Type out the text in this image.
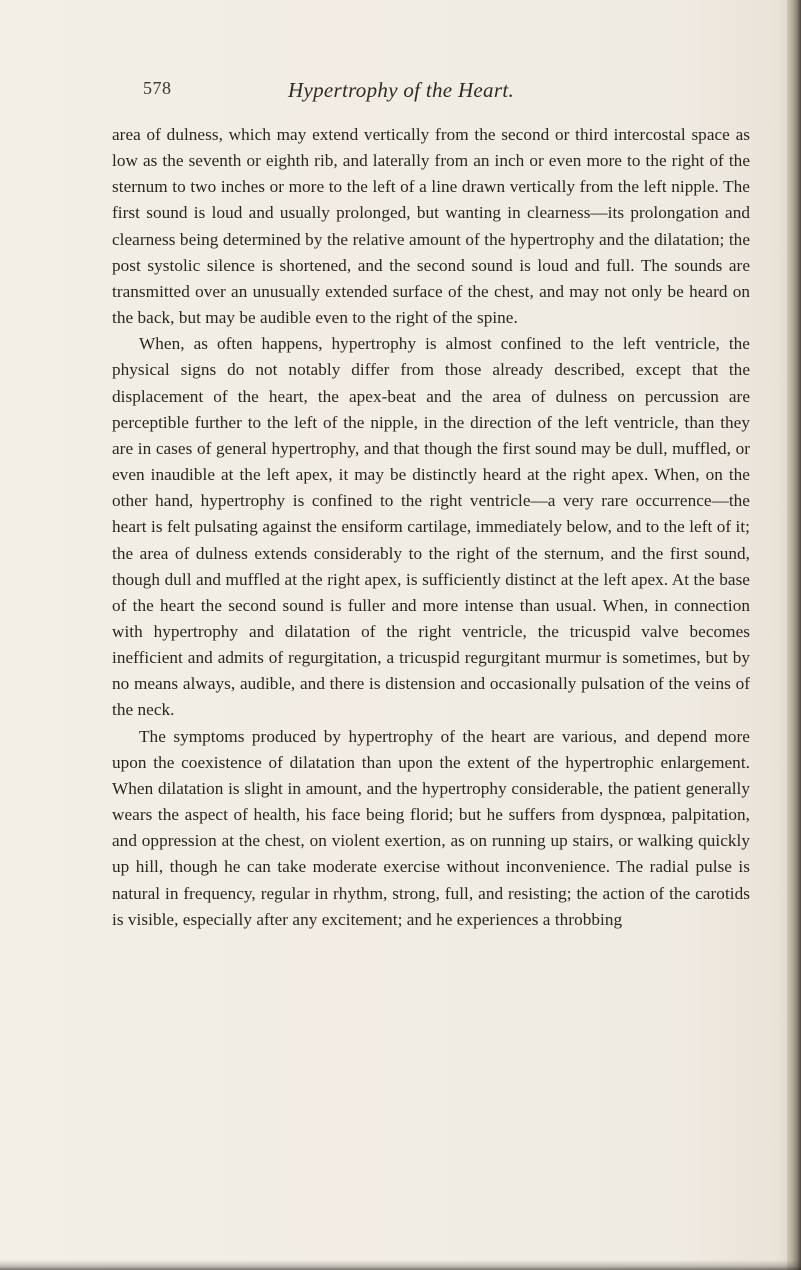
578	Hypertrophy of the Heart.

area of dulness, which may extend vertically from the second or third intercostal space as low as the seventh or eighth rib, and laterally from an inch or even more to the right of the sternum to two inches or more to the left of a line drawn vertically from the left nipple. The first sound is loud and usually prolonged, but wanting in clearness—its prolongation and clearness being determined by the relative amount of the hypertrophy and the dilatation; the post systolic silence is shortened, and the second sound is loud and full. The sounds are transmitted over an unusually extended surface of the chest, and may not only be heard on the back, but may be audible even to the right of the spine.

When, as often happens, hypertrophy is almost confined to the left ventricle, the physical signs do not notably differ from those already described, except that the displacement of the heart, the apex-beat and the area of dulness on percussion are perceptible further to the left of the nipple, in the direction of the left ventricle, than they are in cases of general hypertrophy, and that though the first sound may be dull, muffled, or even inaudible at the left apex, it may be distinctly heard at the right apex. When, on the other hand, hypertrophy is confined to the right ventricle—a very rare occurrence—the heart is felt pulsating against the ensiform cartilage, immediately below, and to the left of it; the area of dulness extends considerably to the right of the sternum, and the first sound, though dull and muffled at the right apex, is sufficiently distinct at the left apex. At the base of the heart the second sound is fuller and more intense than usual. When, in connection with hypertrophy and dilatation of the right ventricle, the tricuspid valve becomes inefficient and admits of regurgitation, a tricuspid regurgitant murmur is sometimes, but by no means always, audible, and there is distension and occasionally pulsation of the veins of the neck.

The symptoms produced by hypertrophy of the heart are various, and depend more upon the coexistence of dilatation than upon the extent of the hypertrophic enlargement. When dilatation is slight in amount, and the hypertrophy considerable, the patient generally wears the aspect of health, his face being florid; but he suffers from dyspnœa, palpitation, and oppression at the chest, on violent exertion, as on running up stairs, or walking quickly up hill, though he can take moderate exercise without inconvenience. The radial pulse is natural in frequency, regular in rhythm, strong, full, and resisting; the action of the carotids is visible, especially after any excitement; and he experiences a throbbing
